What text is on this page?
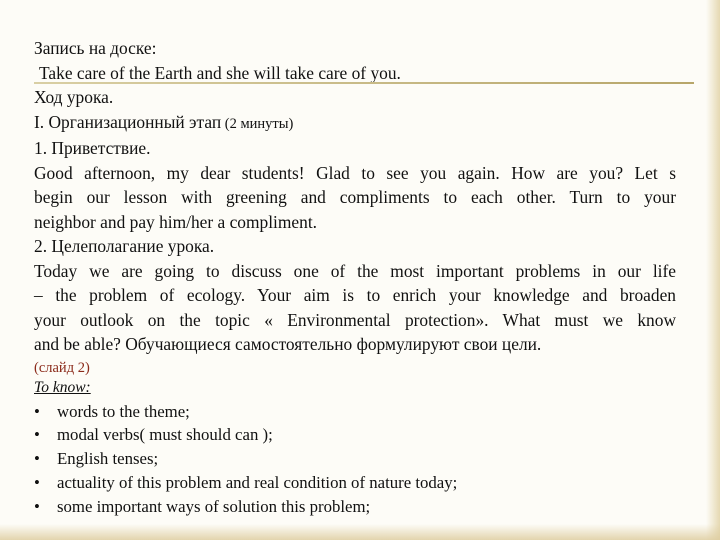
Запись на доске:
Take care of the Earth and she will take care of you.
Ход урока.
I. Организационный этап (2 минуты)
1. Приветствие.
Good afternoon, my dear students! Glad to see you again. How are you? Let s
begin our lesson with greening and compliments to each other. Turn to your
neighbor and pay him/her a compliment.
2. Целеполагание урока.
Today we are going to discuss one of the most important problems in our life
– the problem of ecology. Your aim is to enrich your knowledge and broaden
your outlook on the topic « Environmental protection». What must we know
and be able? Обучающиеся самостоятельно формулируют свои цели.
(слайд 2)
To know:
• words to the theme;
• modal verbs( must should can );
• English tenses;
• actuality of this problem and real condition of nature today;
• some important ways of solution this problem;
